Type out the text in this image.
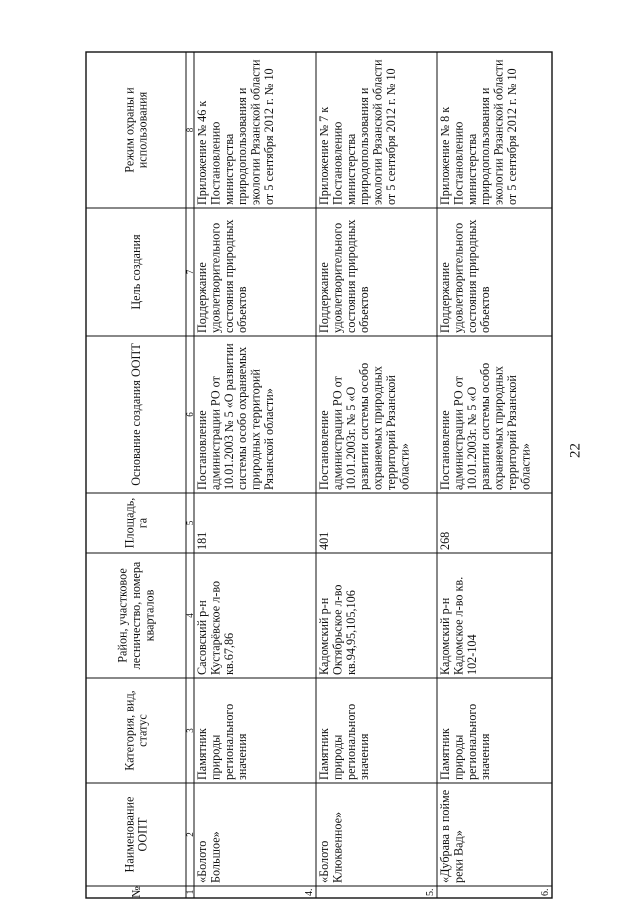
№
НаименованиеООПТ
Категория, вид,статус
Район, участковоелесничество, номеракварталов
Площадь,га
Основание создания ООПТ
Цель создания
Режим охраны ииспользования
1
2
3
4
5
6
7
8
4.
«БолотоБольшое»
Памятникприродырегиональногозначения
Сасовский р-нКустарёвское л-вокв.67,86
181
Постановлениеадминистрации РО от10.01.2003 № 5 «О развитиисистемы особо охраняемыхприродных территорийРязанской области»
Поддержаниеудовлетворительногосостояния природныхобъектов
Приложение № 46 кПостановлениюминистерстваприродопользования иэкологии Рязанской областиот 5 сентября 2012 г. № 10
5.
«БолотоКлюквенное»
Памятникприродырегиональногозначения
Кадомский р-нОктябрьское л-вокв.94,95,105,106
401
Постановлениеадминистрации РО от10.01.2003г. № 5 «Оразвитии системы особоохраняемых природныхтерриторий Рязанскойобласти»
Поддержаниеудовлетворительногосостояния природныхобъектов
Приложение № 7 кПостановлениюминистерстваприродопользования иэкологии Рязанской областиот 5 сентября 2012 г. № 10
6.
«Дубрава в поймереки Вад»
Памятникприродырегиональногозначения
Кадомский р-нКадомское л-во кв.102-104
268
Постановлениеадминистрации РО от10.01.2003г. № 5 «Оразвитии системы особоохраняемых природныхтерриторий Рязанскойобласти»
Поддержаниеудовлетворительногосостояния природныхобъектов
Приложение № 8 кПостановлениюминистерстваприродопользования иэкологии Рязанской областиот 5 сентября 2012 г. № 10
22
